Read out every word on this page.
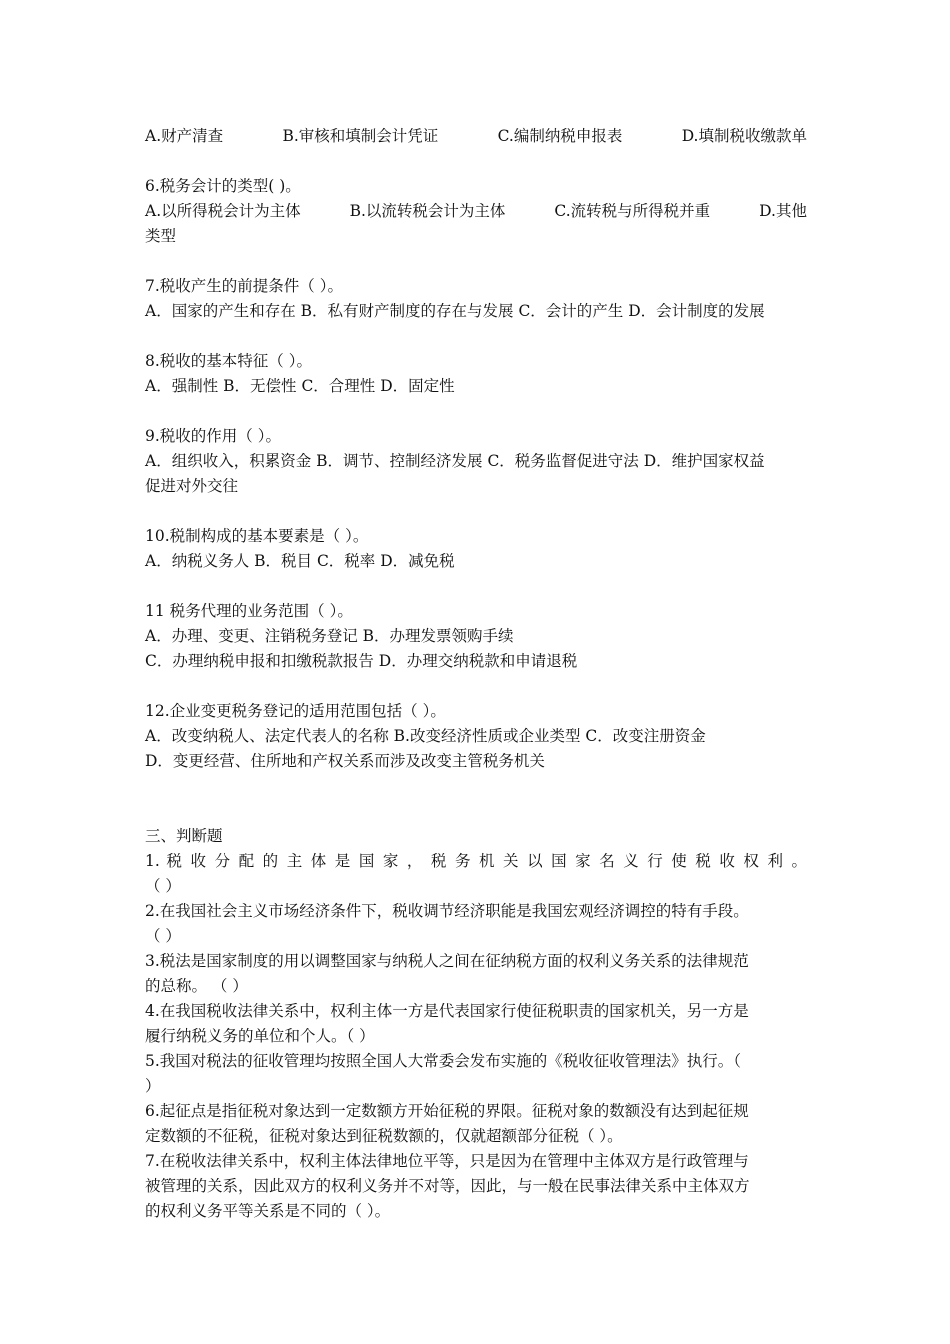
A.财产清查	B.审核和填制会计凭证	C.编制纳税申报表	D.填制税收缴款单

6.税务会计的类型( )。

A.以所得税会计为主体	B.以流转税会计为主体	C.流转税与所得税并重	D.其他

类型

7.税收产生的前提条件（ ）。

A．国家的产生和存在 B．私有财产制度的存在与发展 C．会计的产生 D．会计制度的发展

8.税收的基本特征（ ）。

A．强制性 B．无偿性 C．合理性 D．固定性

9.税收的作用（ ）。

A．组织收入，积累资金 B．调节、控制经济发展 C．税务监督促进守法 D．维护国家权益

促进对外交往

10.税制构成的基本要素是（ ）。

A．纳税义务人 B．税目 C．税率 D．减免税

11 税务代理的业务范围（ ）。

A．办理、变更、注销税务登记 B．办理发票领购手续

C．办理纳税申报和扣缴税款报告 D．办理交纳税款和申请退税

12.企业变更税务登记的适用范围包括（ ）。

A．改变纳税人、法定代表人的名称 B.改变经济性质或企业类型 C．改变注册资金

D．变更经营、住所地和产权关系而涉及改变主管税务机关

三、判断题

1. 税 收 分 配 的 主 体 是 国 家 ， 税 务 机 关 以 国 家 名 义 行 使 税 收 权 利 。

（ ）

2.在我国社会主义市场经济条件下，税收调节经济职能是我国宏观经济调控的特有手段。

（ ）

3.税法是国家制度的用以调整国家与纳税人之间在征纳税方面的权利义务关系的法律规范

的总称。 （ ）

4.在我国税收法律关系中，权利主体一方是代表国家行使征税职责的国家机关，另一方是

履行纳税义务的单位和个人。（ ）

5.我国对税法的征收管理均按照全国人大常委会发布实施的《税收征收管理法》执行。（

）

6.起征点是指征税对象达到一定数额方开始征税的界限。征税对象的数额没有达到起征规

定数额的不征税，征税对象达到征税数额的，仅就超额部分征税（ ）。

7.在税收法律关系中，权利主体法律地位平等，只是因为在管理中主体双方是行政管理与

被管理的关系，因此双方的权利义务并不对等，因此，与一般在民事法律关系中主体双方

的权利义务平等关系是不同的（ ）。
